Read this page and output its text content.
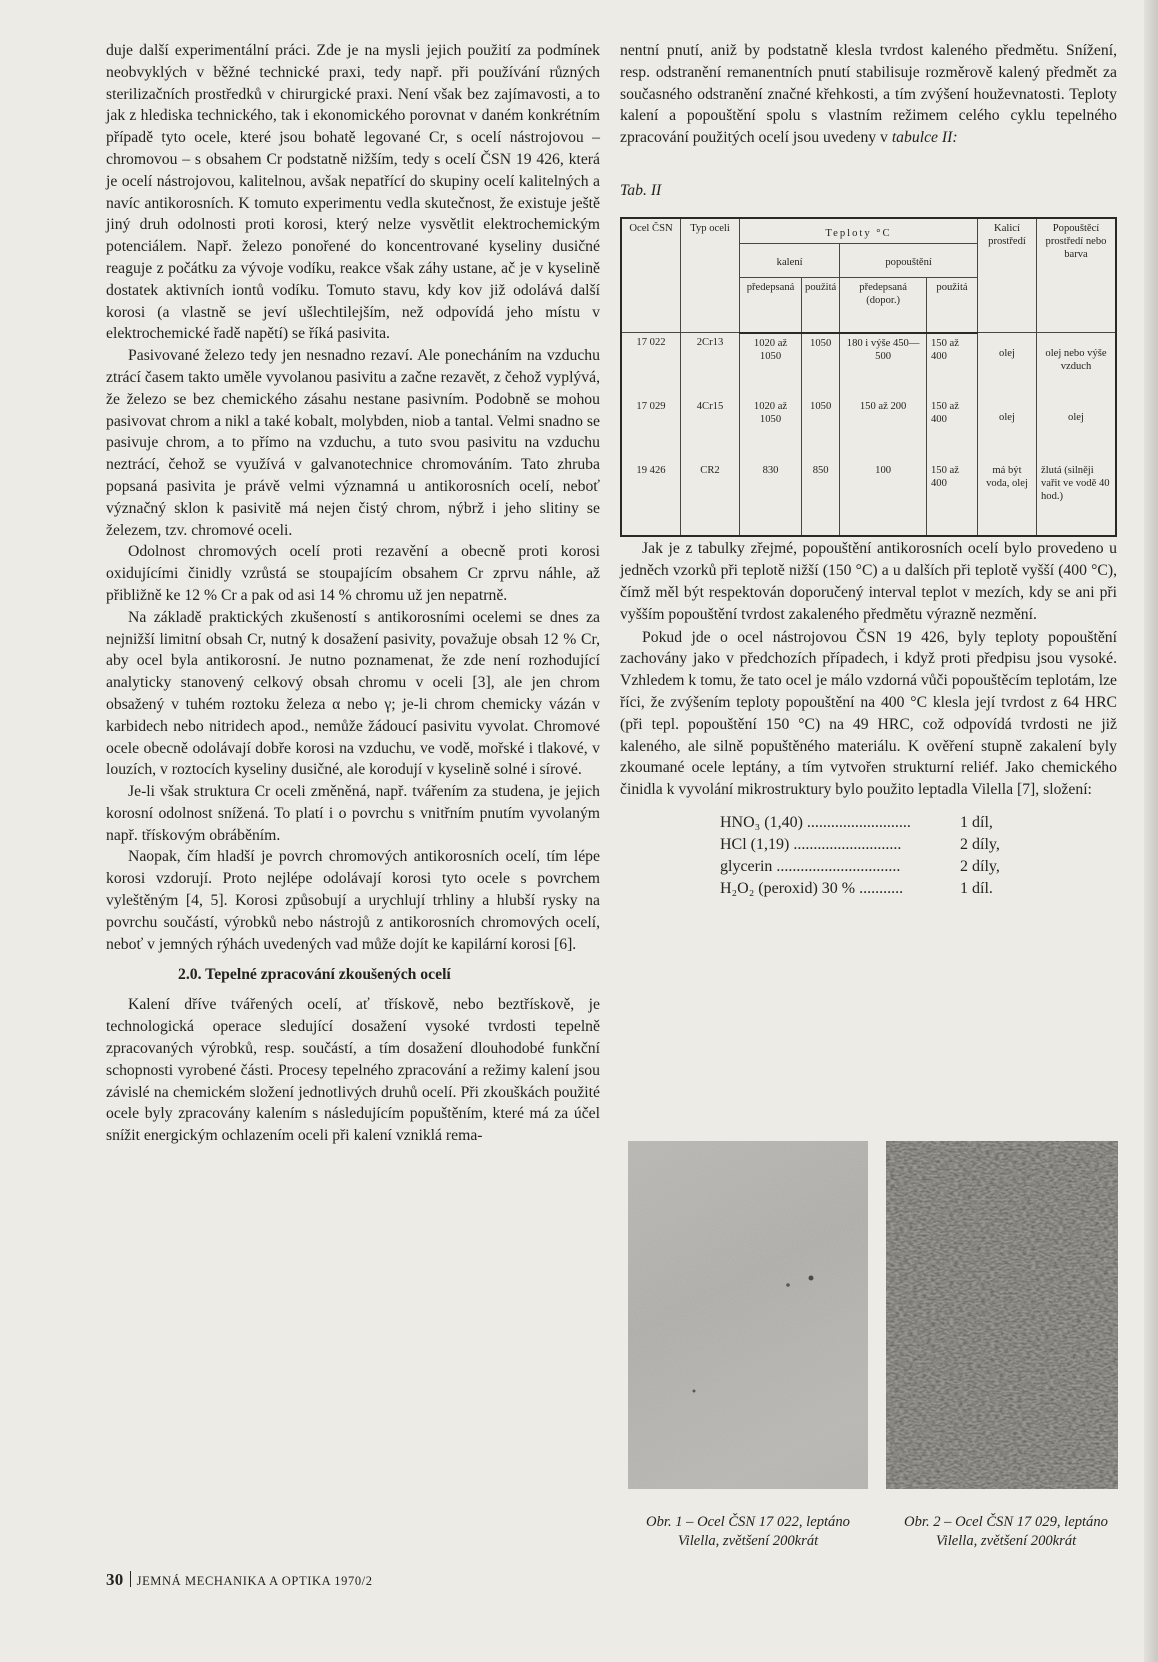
duje další experimentální práci. Zde je na mysli jejich použití za podmínek neobvyklých v běžné technické praxi, tedy např. při používání různých sterilizačních prostředků v chirurgické praxi. Není však bez zajímavosti, a to jak z hlediska technického, tak i ekonomického porovnat v daném konkrétním případě tyto ocele, které jsou bohatě legované Cr, s ocelí nástrojovou – chromovou – s obsahem Cr podstatně nižším, tedy s ocelí ČSN 19 426, která je ocelí nástrojovou, kalitelnou, avšak nepatřící do skupiny ocelí kalitelných a navíc antikorosních. K tomuto experimentu vedla skutečnost, že existuje ještě jiný druh odolnosti proti korosi, který nelze vysvětlit elektrochemickým potenciálem. Např. železo ponořené do koncentrované kyseliny dusičné reaguje z počátku za vývoje vodíku, reakce však záhy ustane, ač je v kyselině dostatek aktivních iontů vodíku. Tomuto stavu, kdy kov již odolává další korosi (a vlastně se jeví ušlechtilejším, než odpovídá jeho místu v elektrochemické řadě napětí) se říká pasivita.

Pasivované železo tedy jen nesnadno rezaví. Ale ponecháním na vzduchu ztrácí časem takto uměle vyvolanou pasivitu a začne rezavět, z čehož vyplývá, že železo se bez chemického zásahu nestane pasivním. Podobně se mohou pasivovat chrom a nikl a také kobalt, molybden, niob a tantal. Velmi snadno se pasivuje chrom, a to přímo na vzduchu, a tuto svou pasivitu na vzduchu neztrácí, čehož se využívá v galvanotechnice chromováním. Tato zhruba popsaná pasivita je právě velmi významná u antikorosních ocelí, neboť význačný sklon k pasivitě má nejen čistý chrom, nýbrž i jeho slitiny se železem, tzv. chromové oceli.

Odolnost chromových ocelí proti rezavění a obecně proti korosi oxidujícími činidly vzrůstá se stoupajícím obsahem Cr zprvu náhle, až přibližně ke 12 % Cr a pak od asi 14 % chromu už jen nepatrně.

Na základě praktických zkušeností s antikorosními ocelemi se dnes za nejnižší limitní obsah Cr, nutný k dosažení pasivity, považuje obsah 12 % Cr, aby ocel byla antikorosní. Je nutno poznamenat, že zde není rozhodující analyticky stanovený celkový obsah chromu v oceli [3], ale jen chrom obsažený v tuhém roztoku železa α nebo γ; je-li chrom chemicky vázán v karbidech nebo nitridech apod., nemůže žádoucí pasivitu vyvolat. Chromové ocele obecně odolávají dobře korosi na vzduchu, ve vodě, mořské i tlakové, v louzích, v roztocích kyseliny dusičné, ale korodují v kyselině solné i sírové.

Je-li však struktura Cr oceli změněná, např. tvářením za studena, je jejich korosní odolnost snížená. To platí i o povrchu s vnitřním pnutím vyvolaným např. třískovým obráběním.

Naopak, čím hladší je povrch chromových antikorosních ocelí, tím lépe korosi vzdorují. Proto nejlépe odolávají korosi tyto ocele s povrchem vyleštěným [4, 5]. Korosi způsobují a urychlují trhliny a hlubší rysky na povrchu součástí, výrobků nebo nástrojů z antikorosních chromových ocelí, neboť v jemných rýhách uvedených vad může dojít ke kapilární korosi [6].

2.0. Tepelné zpracování zkoušených ocelí

Kalení dříve tvářených ocelí, ať třískově, nebo beztřískově, je technologická operace sledující dosažení vysoké tvrdosti tepelně zpracovaných výrobků, resp. součástí, a tím dosažení dlouhodobé funkční schopnosti vyrobené části. Procesy tepelného zpracování a režimy kalení jsou závislé na chemickém složení jednotlivých druhů ocelí. Při zkouškách použité ocele byly zpracovány kalením s následujícím popuštěním, které má za účel snížit energickým ochlazením oceli při kalení vzniklá rema-

nentní pnutí, aniž by podstatně klesla tvrdost kaleného předmětu. Snížení, resp. odstranění remanentních pnutí stabilisuje rozměrově kalený předmět za současného odstranění značné křehkosti, a tím zvýšení houževnatosti. Teploty kalení a popouštění spolu s vlastním režimem celého cyklu tepelného zpracování použitých ocelí jsou uvedeny v tabulce II:

Tab. II
Ocel ČSN	Typ oceli	Teploty °C				Kalicí prostředí	Popouštěcí prostředí nebo barva
		kalení		popouštění			
		předepsaná	použitá	předepsaná (dopor.)	použitá		
17 022	2Cr13	1020 až 1050	1050	180 i výše 450—500	150 až 400	olej	olej nebo výše vzduch
17 029	4Cr15	1020 až 1050	1050	150 až 200	150 až 400	olej	olej
19 426	CR2	830	850	100	150 až 400	má být voda, olej	žlutá (silněji vařit ve vodě 40 hod.)

Jak je z tabulky zřejmé, popouštění antikorosních ocelí bylo provedeno u jedněch vzorků při teplotě nižší (150 °C) a u dalších při teplotě vyšší (400 °C), čímž měl být respektován doporučený interval teplot v mezích, kdy se ani při vyšším popouštění tvrdost zakaleného předmětu výrazně nezmění.

Pokud jde o ocel nástrojovou ČSN 19 426, byly teploty popouštění zachovány jako v předchozích případech, i když proti předpisu jsou vysoké. Vzhledem k tomu, že tato ocel je málo vzdorná vůči popouštěcím teplotám, lze říci, že zvýšením teploty popouštění na 400 °C klesla její tvrdost z 64 HRC (při tepl. popouštění 150 °C) na 49 HRC, což odpovídá tvrdosti ne již kaleného, ale silně popuštěného materiálu. K ověření stupně zakalení byly zkoumané ocele leptány, a tím vytvořen strukturní reliéf. Jako chemického činidla k vyvolání mikrostruktury bylo použito leptadla Vilella [7], složení:

HNO₃ (1,40) ..........................	1 díl,
HCl (1,19) ...........................	2 díly,
glycerin ...............................	2 díly,
H₂O₂ (peroxid) 30 % ...........	1 díl.
Obr. 1 – Ocel ČSN 17 022, leptáno Vilella, zvětšení 200krát
Obr. 2 – Ocel ČSN 17 029, leptáno Vilella, zvětšení 200krát
30 JEMNÁ MECHANIKA A OPTIKA 1970/2
